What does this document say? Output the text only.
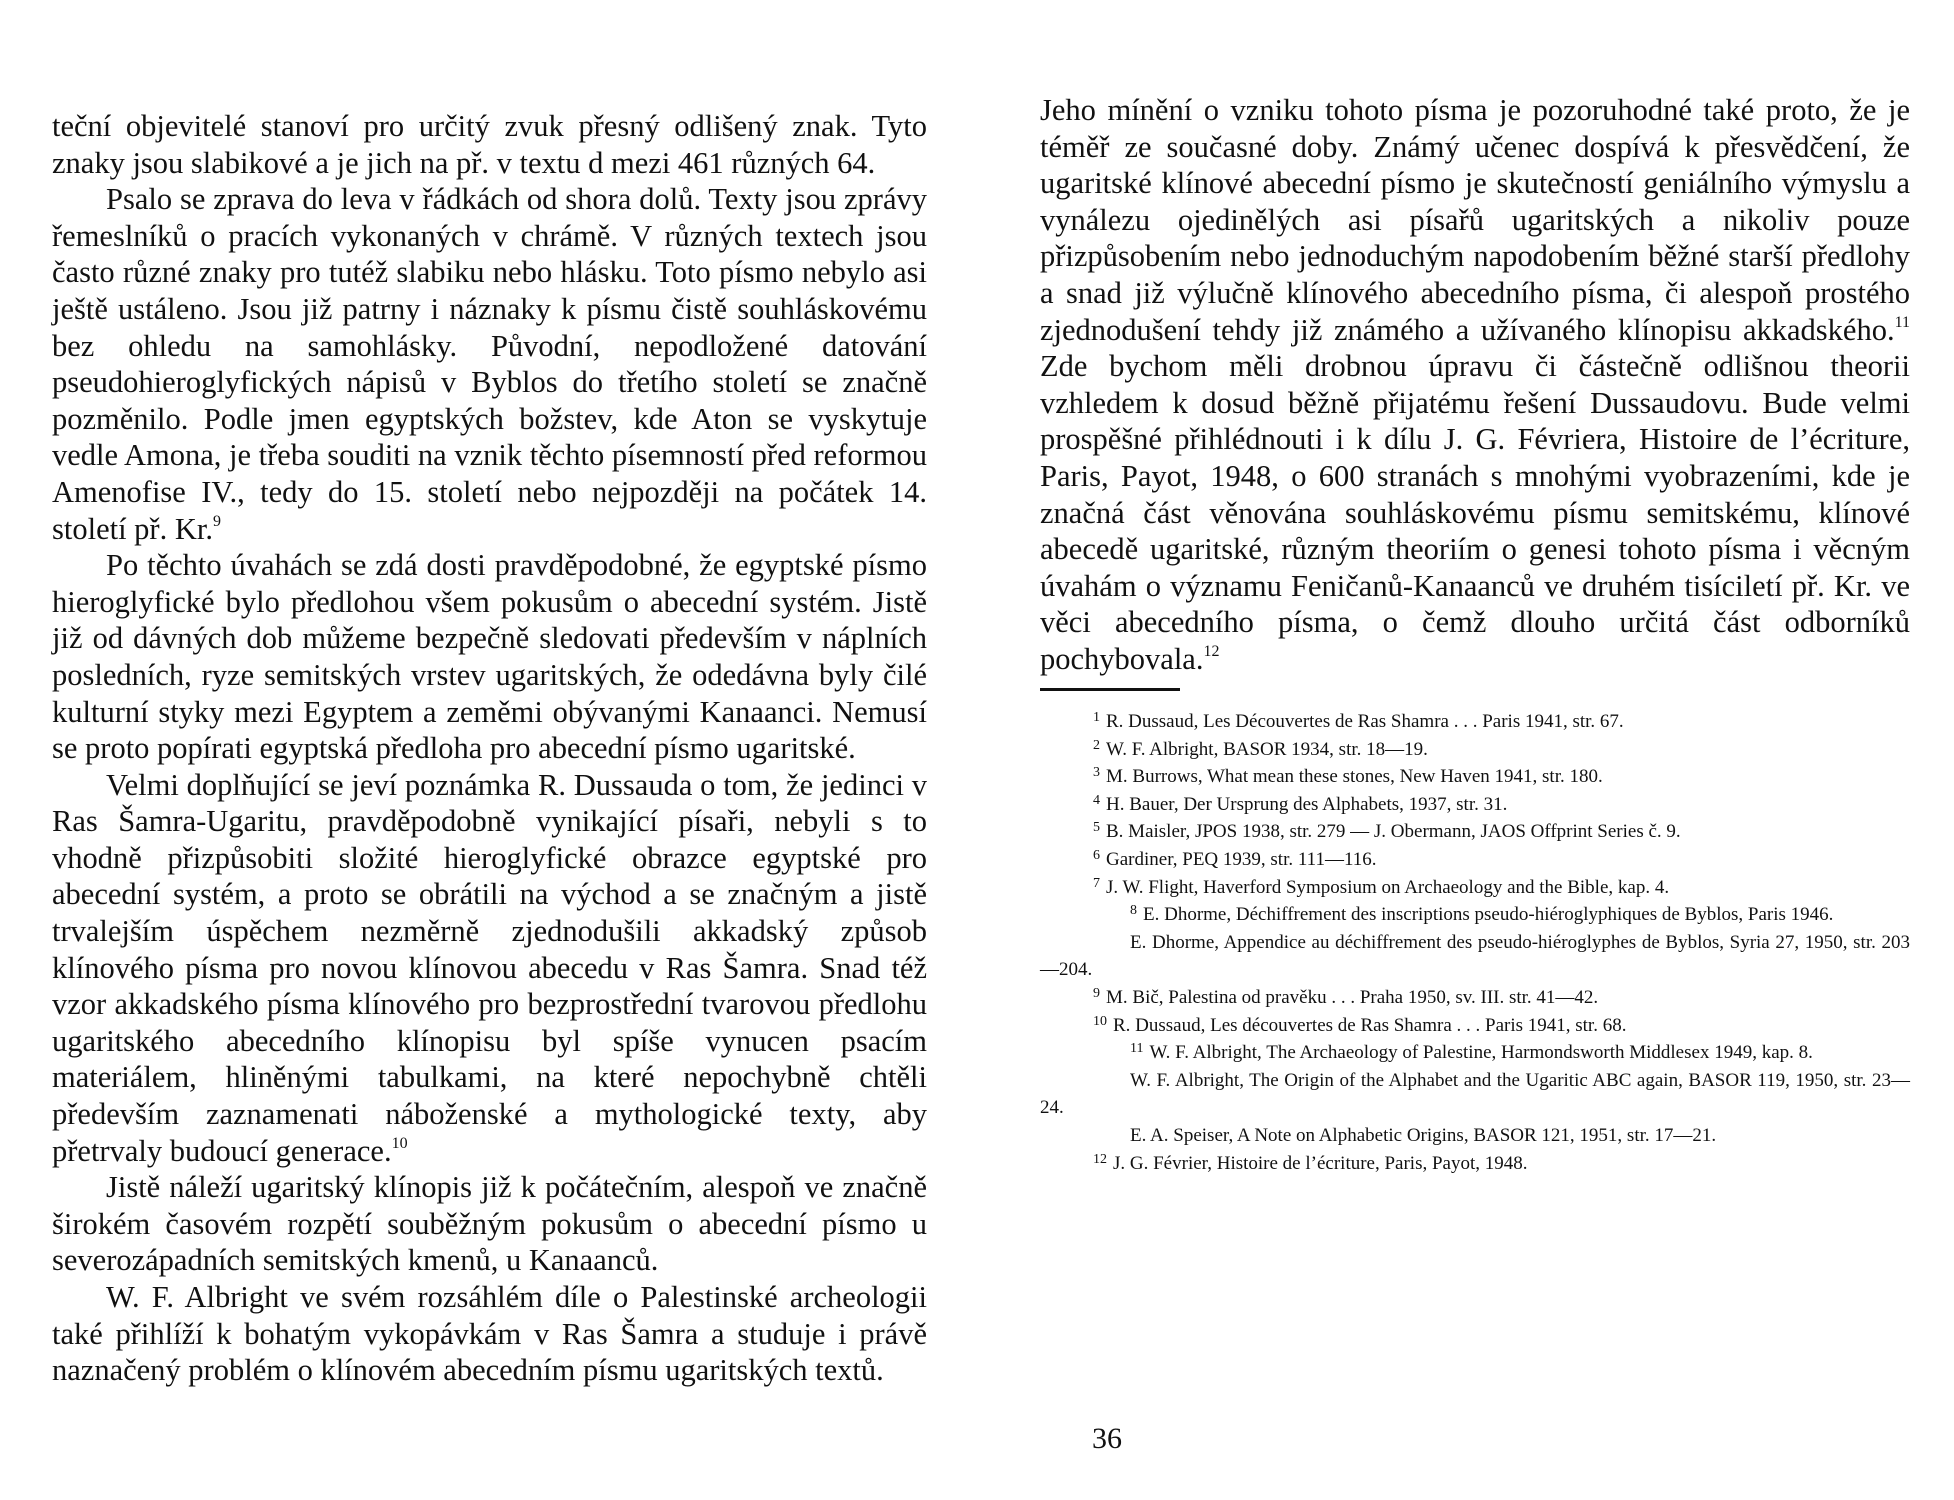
teční objevitelé stanoví pro určitý zvuk přesný odlišený znak. Tyto znaky jsou slabikové a je jich na př. v textu d mezi 461 různých 64.

Psalo se zprava do leva v řádkách od shora dolů. Texty jsou zprávy řemeslníků o pracích vykonaných v chrámě. V různých textech jsou často různé znaky pro tutéž slabiku nebo hlásku. Toto písmo nebylo asi ještě ustáleno. Jsou již patrny i náznaky k písmu čistě souhláskovému bez ohledu na samohlásky. Původní, nepodložené datování pseudohieroglyfických nápisů v Byblos do třetího století se značně pozměnilo. Podle jmen egyptských božstev, kde Aton se vyskytuje vedle Amona, je třeba souditi na vznik těchto písemností před reformou Amenofise IV., tedy do 15. století nebo nejpozději na počátek 14. století př. Kr.$^9$

Po těchto úvahách se zdá dosti pravděpodobné, že egyptské písmo hieroglyfické bylo předlohou všem pokusům o abecední systém. Jistě již od dávných dob můžeme bezpečně sledovati především v náplních posledních, ryze semitských vrstev ugaritských, že odedávna byly čilé kulturní styky mezi Egyptem a zeměmi obývanými Kanaanci. Nemusí se proto popírati egyptská předloha pro abecední písmo ugaritské.

Velmi doplňující se jeví poznámka R. Dussauda o tom, že jedinci v Ras Šamra-Ugaritu, pravděpodobně vynikající písaři, nebyli s to vhodně přizpůsobiti složité hieroglyfické obrazce egyptské pro abecední systém, a proto se obrátili na východ a se značným a jistě trvalejším úspěchem nezměrně zjednodušili akkadský způsob klínového písma pro novou klínovou abecedu v Ras Šamra. Snad též vzor akkadského písma klínového pro bezprostřední tvarovou předlohu ugaritského abecedního klínopisu byl spíše vynucen psacím materiálem, hliněnými tabulkami, na které nepochybně chtěli především zaznamenati náboženské a mythologické texty, aby přetrvaly budoucí generace.$^{10}$

Jistě náleží ugaritský klínopis již k počátečním, alespoň ve značně širokém časovém rozpětí souběžným pokusům o abecední písmo u severozápadních semitských kmenů, u Kanaanců.

W. F. Albright ve svém rozsáhlém díle o Palestinské archeologii také přihlíží k bohatým vykopávkám v Ras Šamra a studuje i právě naznačený problém o klínovém abecedním písmu ugaritských textů.

Jeho mínění o vzniku tohoto písma je pozoruhodné také proto, že je téměř ze současné doby. Známý učenec dospívá k přesvědčení, že ugaritské klínové abecední písmo je skutečností geniálního výmyslu a vynálezu ojedinělých asi písařů ugaritských a nikoliv pouze přizpůsobením nebo jednoduchým napodobením běžné starší předlohy a snad již výlučně klínového abecedního písma, či alespoň prostého zjednodušení tehdy již známého a užívaného klínopisu akkadského.$^{11}$ Zde bychom měli drobnou úpravu či částečně odlišnou theorii vzhledem k dosud běžně přijatému řešení Dussaudovu. Bude velmi prospěšné přihlédnouti i k dílu J. G. Févriera, Histoire de l’écriture, Paris, Payot, 1948, o 600 stranách s mnohými vyobrazeními, kde je značná část věnována souhláskovému písmu semitskému, klínové abecedě ugaritské, různým theoriím o genesi tohoto písma i věcným úvahám o významu Feničanů-Kanaanců ve druhém tisíciletí př. Kr. ve věci abecedního písma, o čemž dlouho určitá část odborníků pochybovala.$^{12}$

$^1$ R. Dussaud, Les Découvertes de Ras Shamra . . . Paris 1941, str. 67.

$^2$ W. F. Albright, BASOR 1934, str. 18—19.

$^3$ M. Burrows, What mean these stones, New Haven 1941, str. 180.

$^4$ H. Bauer, Der Ursprung des Alphabets, 1937, str. 31.

$^5$ B. Maisler, JPOS 1938, str. 279 — J. Obermann, JAOS Offprint Series č. 9.

$^6$ Gardiner, PEQ 1939, str. 111—116.

$^7$ J. W. Flight, Haverford Symposium on Archaeology and the Bible, kap. 4.

$^8$ E. Dhorme, Déchiffrement des inscriptions pseudo-hiéroglyphiques de Byblos, Paris 1946.

E. Dhorme, Appendice au déchiffrement des pseudo-hiéroglyphes de Byblos, Syria 27, 1950, str. 203—204.

$^9$ M. Bič, Palestina od pravěku . . . Praha 1950, sv. III. str. 41—42.

$^{10}$ R. Dussaud, Les découvertes de Ras Shamra . . . Paris 1941, str. 68.

$^{11}$ W. F. Albright, The Archaeology of Palestine, Harmondsworth Middlesex 1949, kap. 8.

W. F. Albright, The Origin of the Alphabet and the Ugaritic ABC again, BASOR 119, 1950, str. 23—24.

E. A. Speiser, A Note on Alphabetic Origins, BASOR 121, 1951, str. 17—21.

$^{12}$ J. G. Février, Histoire de l’écriture, Paris, Payot, 1948.

36
